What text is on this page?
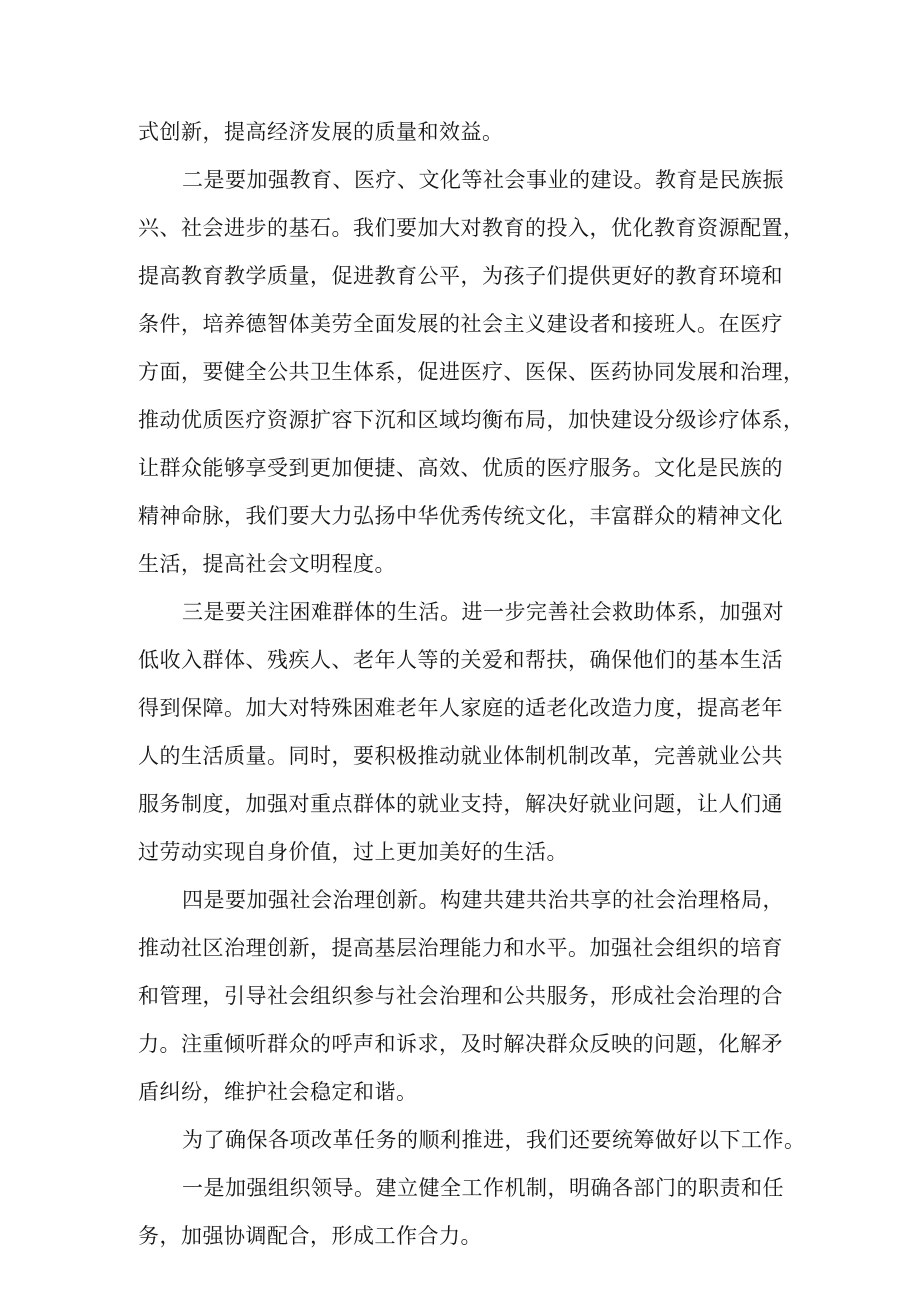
式创新，提高经济发展的质量和效益。
二是要加强教育、医疗、文化等社会事业的建设。教育是民族振
兴、社会进步的基石。我们要加大对教育的投入，优化教育资源配置，
提高教育教学质量，促进教育公平，为孩子们提供更好的教育环境和
条件，培养德智体美劳全面发展的社会主义建设者和接班人。在医疗
方面，要健全公共卫生体系，促进医疗、医保、医药协同发展和治理，
推动优质医疗资源扩容下沉和区域均衡布局，加快建设分级诊疗体系，
让群众能够享受到更加便捷、高效、优质的医疗服务。文化是民族的
精神命脉，我们要大力弘扬中华优秀传统文化，丰富群众的精神文化
生活，提高社会文明程度。
三是要关注困难群体的生活。进一步完善社会救助体系，加强对
低收入群体、残疾人、老年人等的关爱和帮扶，确保他们的基本生活
得到保障。加大对特殊困难老年人家庭的适老化改造力度，提高老年
人的生活质量。同时，要积极推动就业体制机制改革，完善就业公共
服务制度，加强对重点群体的就业支持，解决好就业问题，让人们通
过劳动实现自身价值，过上更加美好的生活。
四是要加强社会治理创新。构建共建共治共享的社会治理格局，
推动社区治理创新，提高基层治理能力和水平。加强社会组织的培育
和管理，引导社会组织参与社会治理和公共服务，形成社会治理的合
力。注重倾听群众的呼声和诉求，及时解决群众反映的问题，化解矛
盾纠纷，维护社会稳定和谐。
为了确保各项改革任务的顺利推进，我们还要统筹做好以下工作。
一是加强组织领导。建立健全工作机制，明确各部门的职责和任
务，加强协调配合，形成工作合力。
